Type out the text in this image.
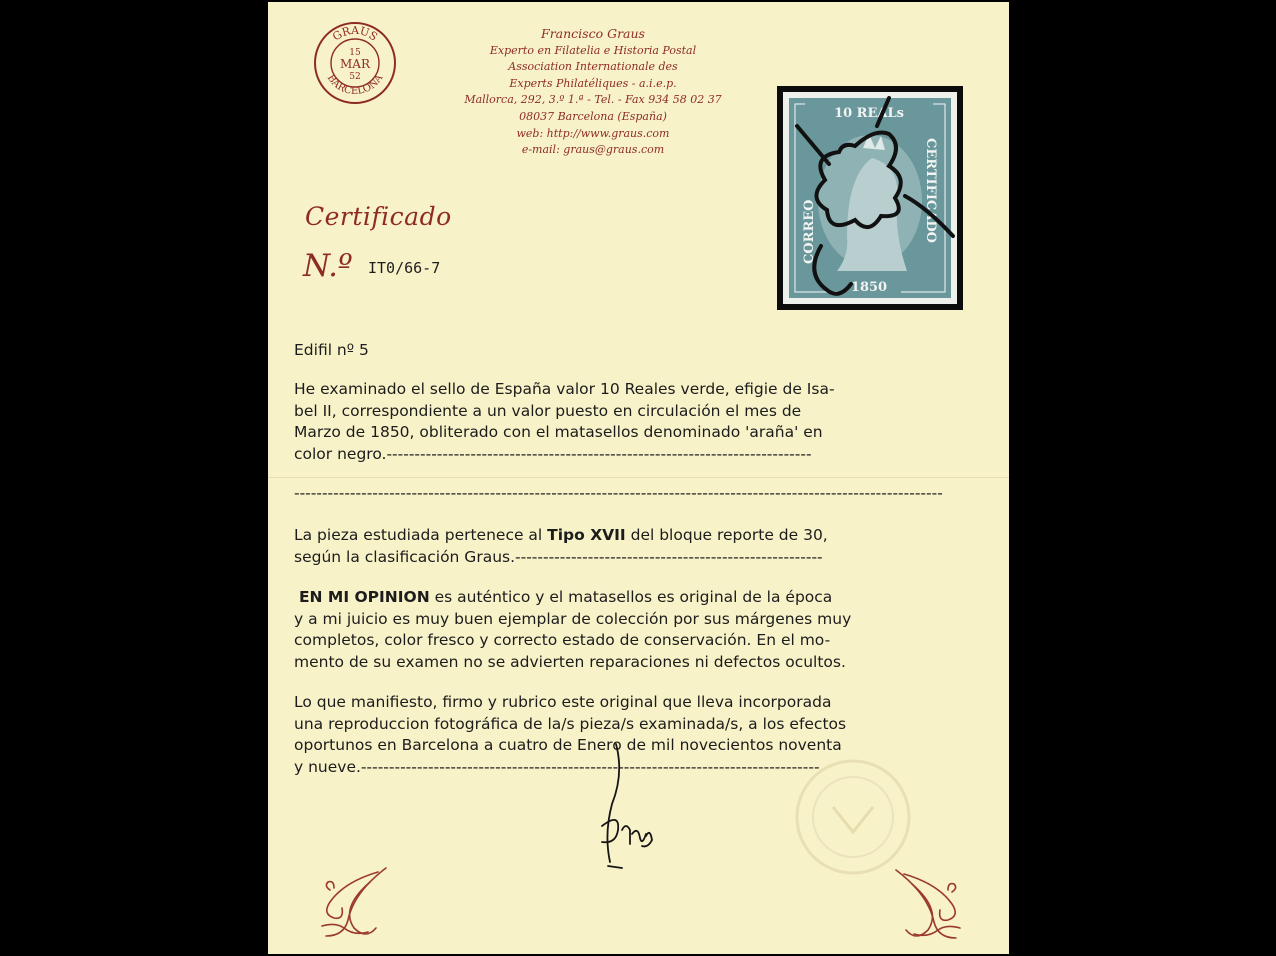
GRAUS
BARCELONA
15
MAR
52
Francisco Graus
Experto en Filatelia e Historia Postal
Association Internationale des
Experts Philatéliques - a.i.e.p.
Mallorca, 292, 3.º 1.ª - Tel. - Fax 934 58 02 37
08037 Barcelona (España)
web: http://www.graus.com
e-mail: graus@graus.com
Certificado
N.º IT0/66-7
10 REALs
1850
CORREO	CERTIFICADO
Edifil nº 5
He examinado el sello de España valor 10 Reales verde, efigie de Isa-
bel II, correspondiente a un valor puesto en circulación el mes de
Marzo de 1850, obliterado con el matasellos denominado 'araña' en
color negro.----------------------------------------------------------------------------
--------------------------------------------------------------------------------------------------------------------
La pieza estudiada pertenece al Tipo XVII del bloque reporte de 30,
según la clasificación Graus.-------------------------------------------------------
EN MI OPINION es auténtico y el matasellos es original de la época
y a mi juicio es muy buen ejemplar de colección por sus márgenes muy
completos, color fresco y correcto estado de conservación. En el mo-
mento de su examen no se advierten reparaciones ni defectos ocultos.
Lo que manifiesto, firmo y rubrico este original que lleva incorporada
una reproduccion fotográfica de la/s pieza/s examinada/s, a los efectos
oportunos en Barcelona a cuatro de Enero de mil novecientos noventa
y nueve.----------------------------------------------------------------------------------
